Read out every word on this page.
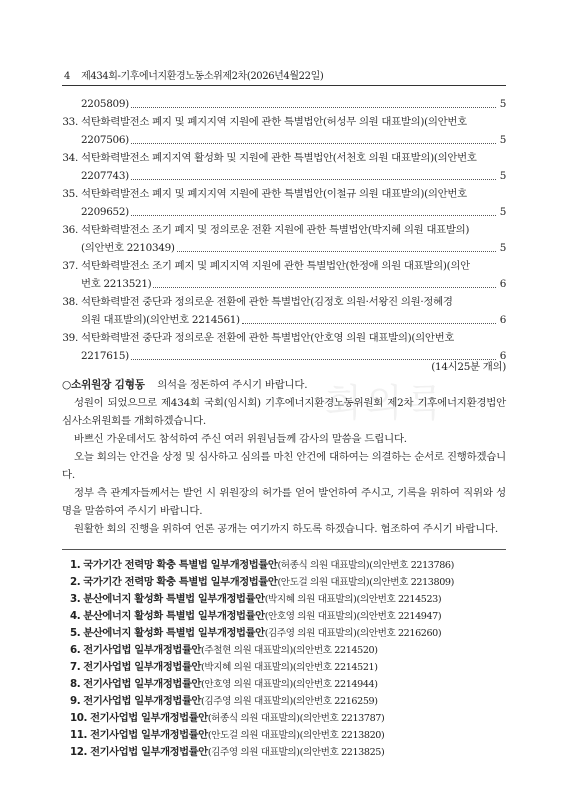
4 제434회-기후에너지환경노동소위제2차(2026년4월22일)
2205809)	5
33. 석탄화력발전소 폐지 및 폐지지역 지원에 관한 특별법안(허성무 의원 대표발의)(의안번호
2207506)	5
34. 석탄화력발전소 폐지지역 활성화 및 지원에 관한 특별법안(서천호 의원 대표발의)(의안번호
2207743)	5
35. 석탄화력발전소 폐지 및 폐지지역 지원에 관한 특별법안(이철규 의원 대표발의)(의안번호
2209652)	5
36. 석탄화력발전소 조기 폐지 및 정의로운 전환 지원에 관한 특별법안(박지혜 의원 대표발의)
(의안번호 2210349)	5
37. 석탄화력발전소 조기 폐지 및 폐지지역 지원에 관한 특별법안(한정애 의원 대표발의)(의안
번호 2213521)	6
38. 석탄화력발전 중단과 정의로운 전환에 관한 특별법안(김정호 의원·서왕진 의원·정혜경
의원 대표발의)(의안번호 2214561)	6
39. 석탄화력발전 중단과 정의로운 전환에 관한 특별법안(안호영 의원 대표발의)(의안번호
2217615)	6
회의록
(14시25분 개의)
○소위원장 김형동 의석을 정돈하여 주시기 바랍니다.

성원이 되었으므로 제434회 국회(임시회) 기후에너지환경노동위원회 제2차 기후에너지환경법안심사소위원회를 개회하겠습니다.

바쁘신 가운데서도 참석하여 주신 여러 위원님들께 감사의 말씀을 드립니다.

오늘 회의는 안건을 상정 및 심사하고 심의를 마친 안건에 대하여는 의결하는 순서로 진행하겠습니다.

정부 측 관계자들께서는 발언 시 위원장의 허가를 얻어 발언하여 주시고, 기록을 위하여 직위와 성명을 말씀하여 주시기 바랍니다.

원활한 회의 진행을 위하여 언론 공개는 여기까지 하도록 하겠습니다. 협조하여 주시기 바랍니다.

1. 국가기간 전력망 확충 특별법 일부개정법률안(허종식 의원 대표발의)(의안번호 2213786)
2. 국가기간 전력망 확충 특별법 일부개정법률안(안도걸 의원 대표발의)(의안번호 2213809)
3. 분산에너지 활성화 특별법 일부개정법률안(박지혜 의원 대표발의)(의안번호 2214523)
4. 분산에너지 활성화 특별법 일부개정법률안(안호영 의원 대표발의)(의안번호 2214947)
5. 분산에너지 활성화 특별법 일부개정법률안(김주영 의원 대표발의)(의안번호 2216260)
6. 전기사업법 일부개정법률안(주철현 의원 대표발의)(의안번호 2214520)
7. 전기사업법 일부개정법률안(박지혜 의원 대표발의)(의안번호 2214521)
8. 전기사업법 일부개정법률안(안호영 의원 대표발의)(의안번호 2214944)
9. 전기사업법 일부개정법률안(김주영 의원 대표발의)(의안번호 2216259)
10. 전기사업법 일부개정법률안(허종식 의원 대표발의)(의안번호 2213787)
11. 전기사업법 일부개정법률안(안도걸 의원 대표발의)(의안번호 2213820)
12. 전기사업법 일부개정법률안(김주영 의원 대표발의)(의안번호 2213825)
